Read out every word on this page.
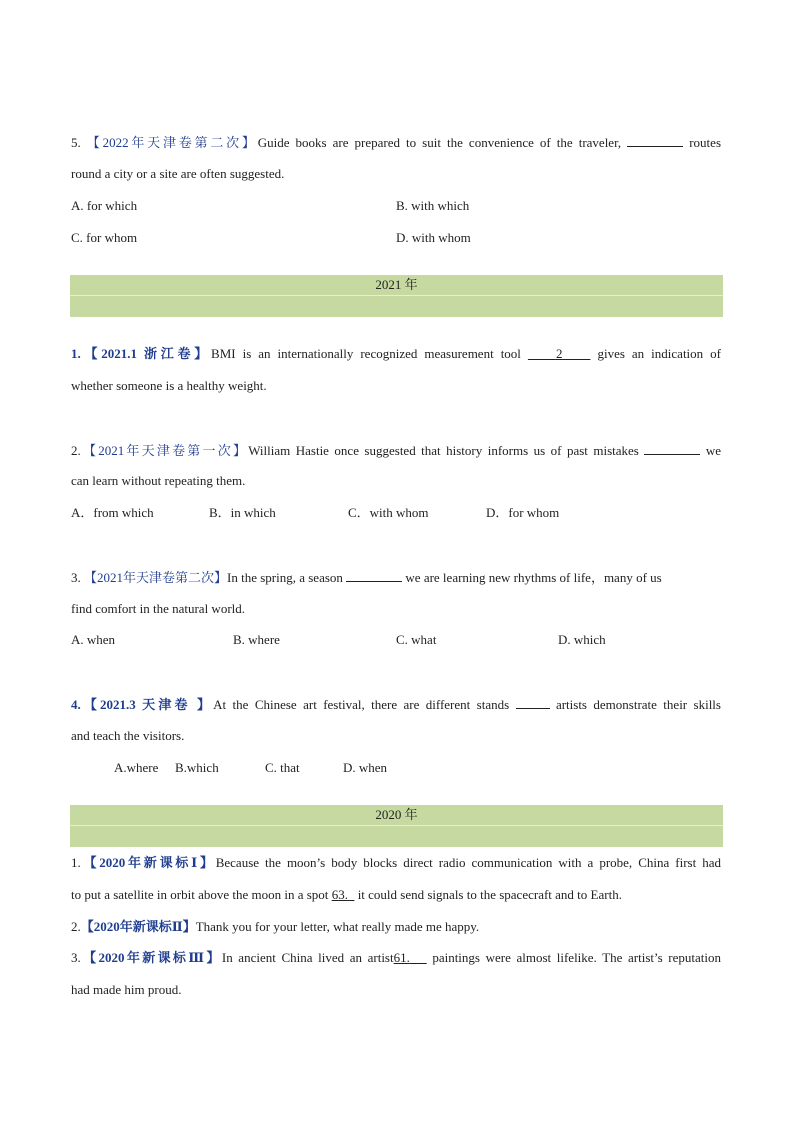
5. 【2022年天津卷第二次】Guide books are prepared to suit the convenience of the traveler,	routes
round a city or a site are often suggested.
A. for which	B. with which
C. for whom	D. with whom
2021 年
1.【2021.1 浙江卷】BMI is an internationally recognized measurement tool     2     gives an indication of
whether someone is a healthy weight.
2.【2021年天津卷第一次】William Hastie once suggested that history informs us of past mistakes	we
can learn without repeating them.
A．from which	B．in which	C．with whom	D．for whom
3. 【2021年天津卷第二次】In the spring, a season	we are learning new rhythms of life，many of us
find comfort in the natural world.
A. when	B. where	C. what	D. which
4.【2021.3 天津卷 】At the Chinese art festival, there are different stands	artists demonstrate their skills
and teach the visitors.
A.where B.which	C. that	D. when
2020 年
1.【2020年新课标Ⅰ】Because the moon’s body blocks direct radio communication with a probe, China first had
to put a satellite in orbit above the moon in a spot 63.   it could send signals to the spacecraft and to Earth.
2.【2020年新课标Ⅱ】Thank you for your letter, what really made me happy.
3.【2020年新课标Ⅲ】In ancient China lived an artist61.    paintings were almost lifelike. The artist’s reputation
had made him proud.
